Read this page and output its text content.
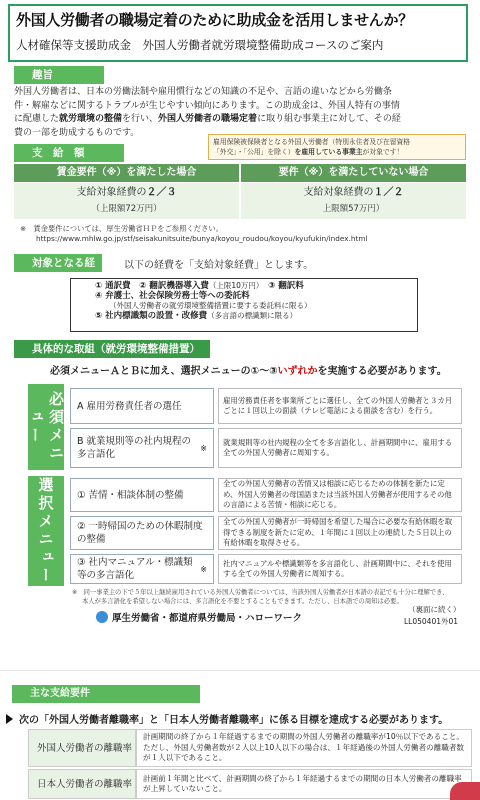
外国人労働者の職場定着のために助成金を活用しませんか？
人材確保等支援助成金　外国人労働者就労環境整備助成コースのご案内
趣旨
外国人労働者は、日本の労働法制や雇用慣行などの知識の不足や、言語の違いなどから労働条
件・解雇などに関するトラブルが生じやすい傾向にあります。この助成金は、外国人特有の事情
に配慮した就労環境の整備を行い、外国人労働者の職場定着に取り組む事業主に対して、その経
費の一部を助成するものです。
支　給　額
雇用保険被保険者となる外国人労働者（特別永住者及び在留資格
「外交」・「公用」を除く）を雇用している事業主が対象です！
賃金要件（※）を満たした場合	要件（※）を満たしていない場合
支給対象経費の２／３
（上限額72万円）
支給対象経費の１／２
上限額57万円）
※　賃金要件については、厚生労働省ＨＰをご参照ください。
https://www.mhlw.go.jp/stf/seisakunitsuite/bunya/koyou_roudou/koyou/kyufukin/index.html
対象となる経費
以下の経費を「支給対象経費」とします。
① 通訳費　② 翻訳機器導入費（上限10万円）　 ③ 翻訳料
④ 弁護士、社会保険労務士等への委託料
（外国人労働者の就労環境整備措置に要する委託料に限る）
⑤ 社内標識類の設置・改修費（多言語の標識類に限る）
具体的な取組（就労環境整備措置）
必須メニューＡとＢに加え、選択メニューの①～③いずれかを実施する必要があります。
必須メニュー
選択メニュー
A 雇用労務責任者の選任
雇用労務責任者を事業所ごとに選任し、全ての外国人労働者と３カ月ごとに１回以上の面談（テレビ電話による面談を含む）を行う。
B 就業規則等の社内規程の多言語化

※
就業規則等の社内規程の全てを多言語化し、計画期間中に、雇用する全ての外国人労働者に周知する。
① 苦情・相談体制の整備
全ての外国人労働者の苦情又は相談に応じるための体制を新たに定め、外国人労働者の母国語または当該外国人労働者が使用するその他の言語による苦情・相談に応じる。
② 一時帰国のための休暇制度の整備
全ての外国人労働者が一時帰国を希望した場合に必要な有給休暇を取得できる制度を新たに定め、１年間に１回以上の連続した５日以上の有給休暇を取得させる。
③ 社内マニュアル・標識類等の多言語化

※
社内マニュアルや標識類等を多言語化し、計画期間中に、それを使用する全ての外国人労働者に周知する。
※　同一事業主の下で５年以上継続雇用されている外国人労働者については、当該外国人労働者が日本語の表記でも十分に理解でき、
本人が多言語化を希望しない場合には、多言語化を不要とすることもできます。ただし、日本語での周知は必要。
厚生労働省・都道府県労働局・ハローワーク
（裏面に続く）
LL050401外01
主な支給要件
次の「外国人労働者離職率」と「日本人労働者離職率」に係る目標を達成する必要があります。
外国人労働者の離職率
計画期間の終了から１年経過するまでの期間の外国人労働者の離職率が10％以下であること。ただし、外国人労働者数が２人以上10人以下の場合は、１年経過後の外国人労働者の離職者数が１人以下であること。
日本人労働者の離職率
計画前１年間と比べて、計画期間の終了から１年経過するまでの期間の日本人労働者の離職率が上昇していないこと。
